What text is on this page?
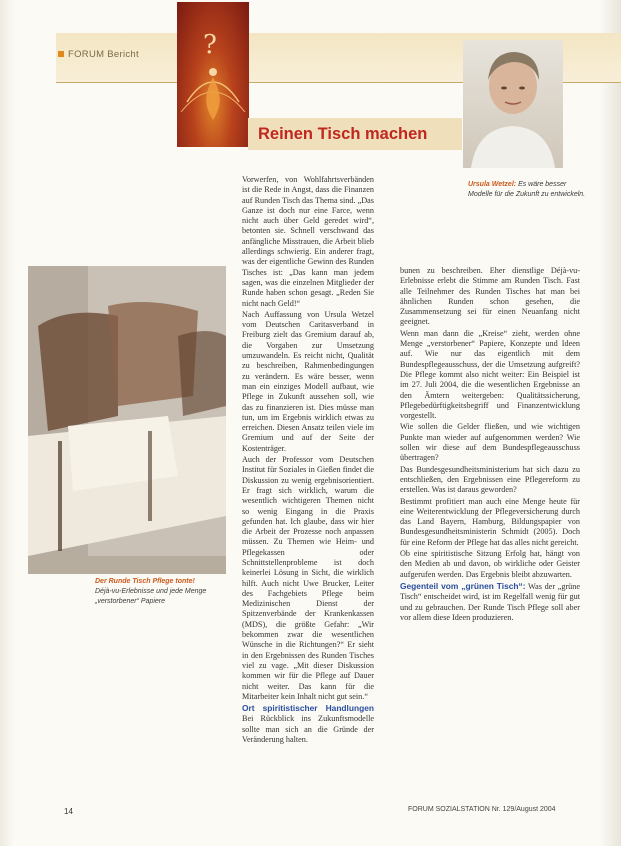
FORUM Bericht ?
Reinen Tisch machen
Ursula Wetzel: Es wäre besser Modelle für die Zukunft zu entwickeln.
Der Runde Tisch Pflege tonte!
Déjà-vu-Erlebnisse und jede Menge „verstorbener“ Papiere

Vorwerfen, von Wohlfahrtsverbänden ist die Rede in Angst, dass die Finanzen auf Runden Tisch das Thema sind. „Das Ganze ist doch nur eine Farce, wenn nicht auch über Geld geredet wird“, betonten sie. Schnell verschwand das anfängliche Misstrauen, die Arbeit blieb allerdings schwierig. Ein anderer fragt, was der eigentliche Gewinn des Runden Tisches ist: „Das kann man jedem sagen, was die einzelnen Mitglieder der Runde haben schon gesagt. „Reden Sie nicht nach Geld!“

Nach Auffassung von Ursula Wetzel vom Deutschen Caritasverband in Freiburg zielt das Gremium darauf ab, die Vorgaben zur Umsetzung umzuwandeln. Es reicht nicht, Qualität zu beschreiben, Rahmenbedingungen zu verändern. Es wäre besser, wenn man ein einziges Modell aufbaut, wie Pflege in Zukunft aussehen soll, wie das zu finanzieren ist. Dies müsse man tun, um im Ergebnis wirklich etwas zu erreichen. Diesen Ansatz teilen viele im Gremium und auf der Seite der Kostenträger.

Auch der Professor vom Deutschen Institut für Soziales in Gießen findet die Diskussion zu wenig ergebnisorientiert. Er fragt sich wirklich, warum die wesentlich wichtigeren Themen nicht so wenig Eingang in die Praxis gefunden hat. Ich glaube, dass wir hier die Arbeit der Prozesse noch anpassen müssen. Zu Themen wie Heim- und Pflegekassen oder Schnittstellenprobleme ist doch keinerlei Lösung in Sicht, die wirklich hilft. Auch nicht Uwe Brucker, Leiter des Fachgebiets Pflege beim Medizinischen Dienst der Spitzenverbände der Krankenkassen (MDS), die größte Gefahr: „Wir bekommen zwar die wesentlichen Wünsche in die Richtungen?“ Er sieht in den Ergebnissen des Runden Tisches viel zu vage. „Mit dieser Diskussion kommen wir für die Pflege auf Dauer nicht weiter. Das kann für die Mitarbeiter kein Inhalt nicht gut sein.“

Ort spiritistischer Handlungen Bei Rückblick ins Zukunftsmodelle sollte man sich an die Gründe der Veränderung halten.

bunen zu beschreiben. Eher dienstlige Déjà-vu-Erlebnisse erlebt die Stimme am Runden Tisch. Fast alle Teilnehmer des Runden Tisches hat man bei ähnlichen Runden schon gesehen, die Zusammensetzung sei für einen Neuanfang nicht geeignet.

Wenn man dann die „Kreise“ zieht, werden ohne Menge „verstorbener“ Papiere, Konzepte und Ideen auf. Wie nur das eigentlich mit dem Bundespflegeausschuss, der die Umsetzung aufgreift? Die Pflege kommt also nicht weiter: Ein Beispiel ist im 27. Juli 2004, die die wesentlichen Ergebnisse an den Ämtern weitergeben: Qualitätssicherung, Pflegebedürftigkeitsbegriff und Finanzentwicklung vorgestellt.

Wie sollen die Gelder fließen, und wie wichtigen Punkte man wieder auf aufgenommen werden? Wie sollen wir diese auf dem Bundespflegeausschuss übertragen?

Das Bundesgesundheitsministerium hat sich dazu zu entschließen, den Ergebnissen eine Pflegereform zu erstellen. Was ist daraus geworden?

Bestimmt profitiert man auch eine Menge heute für eine Weiterentwicklung der Pflegeversicherung durch das Land Bayern, Hamburg, Bildungspapier von Bundesgesundheitsministerin Schmidt (2005). Doch für eine Reform der Pflege hat das alles nicht gereicht.

Ob eine spiritistische Sitzung Erfolg hat, hängt von den Medien ab und davon, ob wirkliche oder Geister aufgerufen werden. Das Ergebnis bleibt abzuwarten.

Gegenteil vom „grünen Tisch“: Was der „grüne Tisch“ entscheidet wird, ist im Regelfall wenig für gut und zu gebrauchen. Der Runde Tisch Pflege soll aber vor allem diese Ideen produzieren.

14	FORUM SOZIALSTATION Nr. 129/August 2004
